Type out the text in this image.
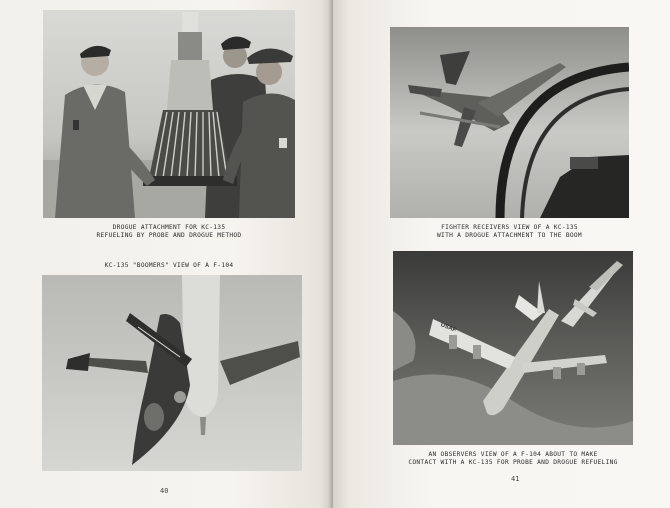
DROGUE ATTACHMENT FOR KC-135
REFUELING BY PROBE AND DROGUE METHOD
KC-135 "BOOMERS" VIEW OF A F-104
40
FIGHTER RECEIVERS VIEW OF A KC-135
WITH A DROGUE ATTACHMENT TO THE BOOM
USAF
AN OBSERVERS VIEW OF A F-104 ABOUT TO MAKE
CONTACT WITH A KC-135 FOR PROBE AND DROGUE REFUELING
41
